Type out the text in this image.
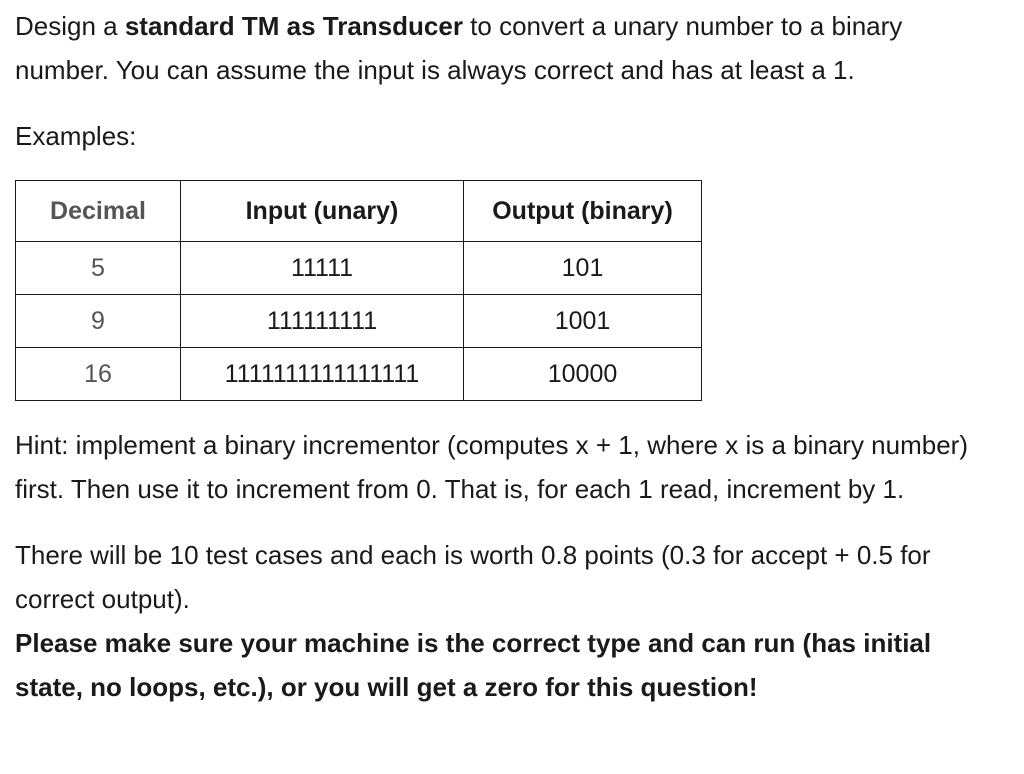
Design a standard TM as Transducer to convert a unary number to a binary number. You can assume the input is always correct and has at least a 1.

Examples:

Decimal	Input (unary)	Output (binary)
5	11111	101
9	111111111	1001
16	1111111111111111	10000

Hint: implement a binary incrementor (computes x + 1, where x is a binary number) first. Then use it to increment from 0. That is, for each 1 read, increment by 1.

There will be 10 test cases and each is worth 0.8 points (0.3 for accept + 0.5 for correct output).

Please make sure your machine is the correct type and can run (has initial state, no loops, etc.), or you will get a zero for this question!
